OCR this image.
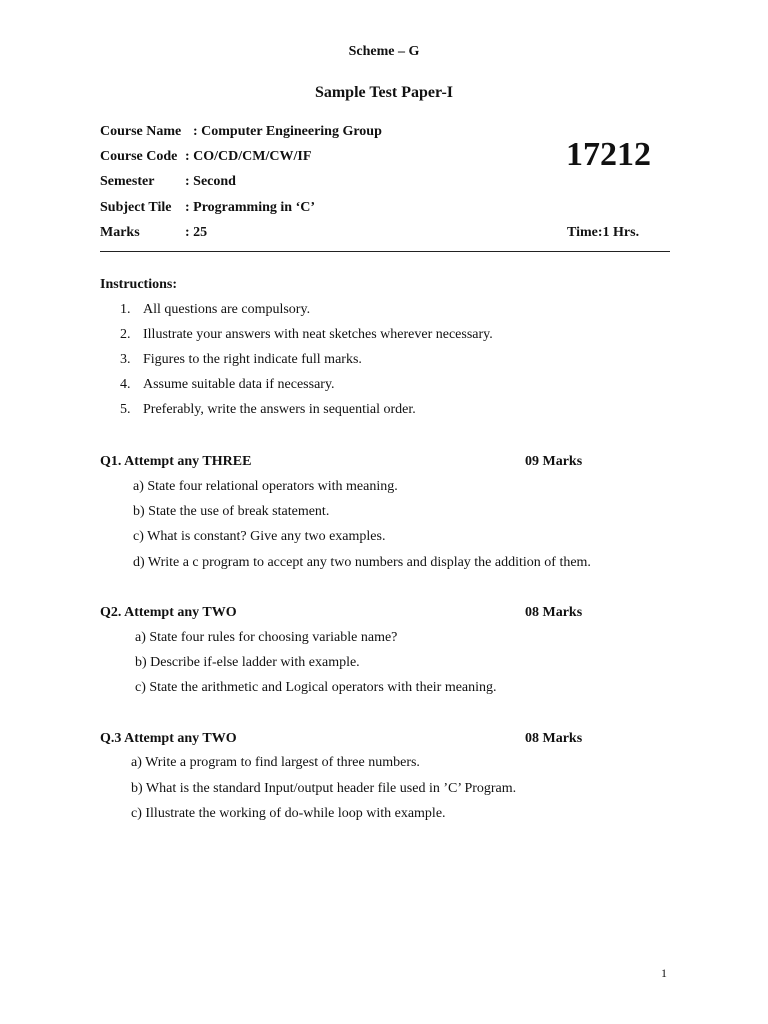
Scheme – G
Sample Test Paper-I
Course Name : Computer Engineering Group
Course Code : CO/CD/CM/CW/IF
Semester : Second
Subject Tile : Programming in ‘C’
Marks	: 25
17212
Time:1 Hrs.
Instructions:
1. All questions are compulsory.
2. Illustrate your answers with neat sketches wherever necessary.
3. Figures to the right indicate full marks.
4. Assume suitable data if necessary.
5. Preferably, write the answers in sequential order.
Q1. Attempt any THREE	09 Marks
a) State four relational operators with meaning.
b) State the use of break statement.
c) What is constant? Give any two examples.
d) Write a c program to accept any two numbers and display the addition of them.
Q2. Attempt any TWO	08 Marks
a) State four rules for choosing variable name?
b) Describe if-else ladder with example.
c) State the arithmetic and Logical operators with their meaning.
Q.3 Attempt any TWO	08 Marks
a) Write a program to find largest of three numbers.
b) What is the standard Input/output header file used in ’C’ Program.
c) Illustrate the working of do-while loop with example.
1
